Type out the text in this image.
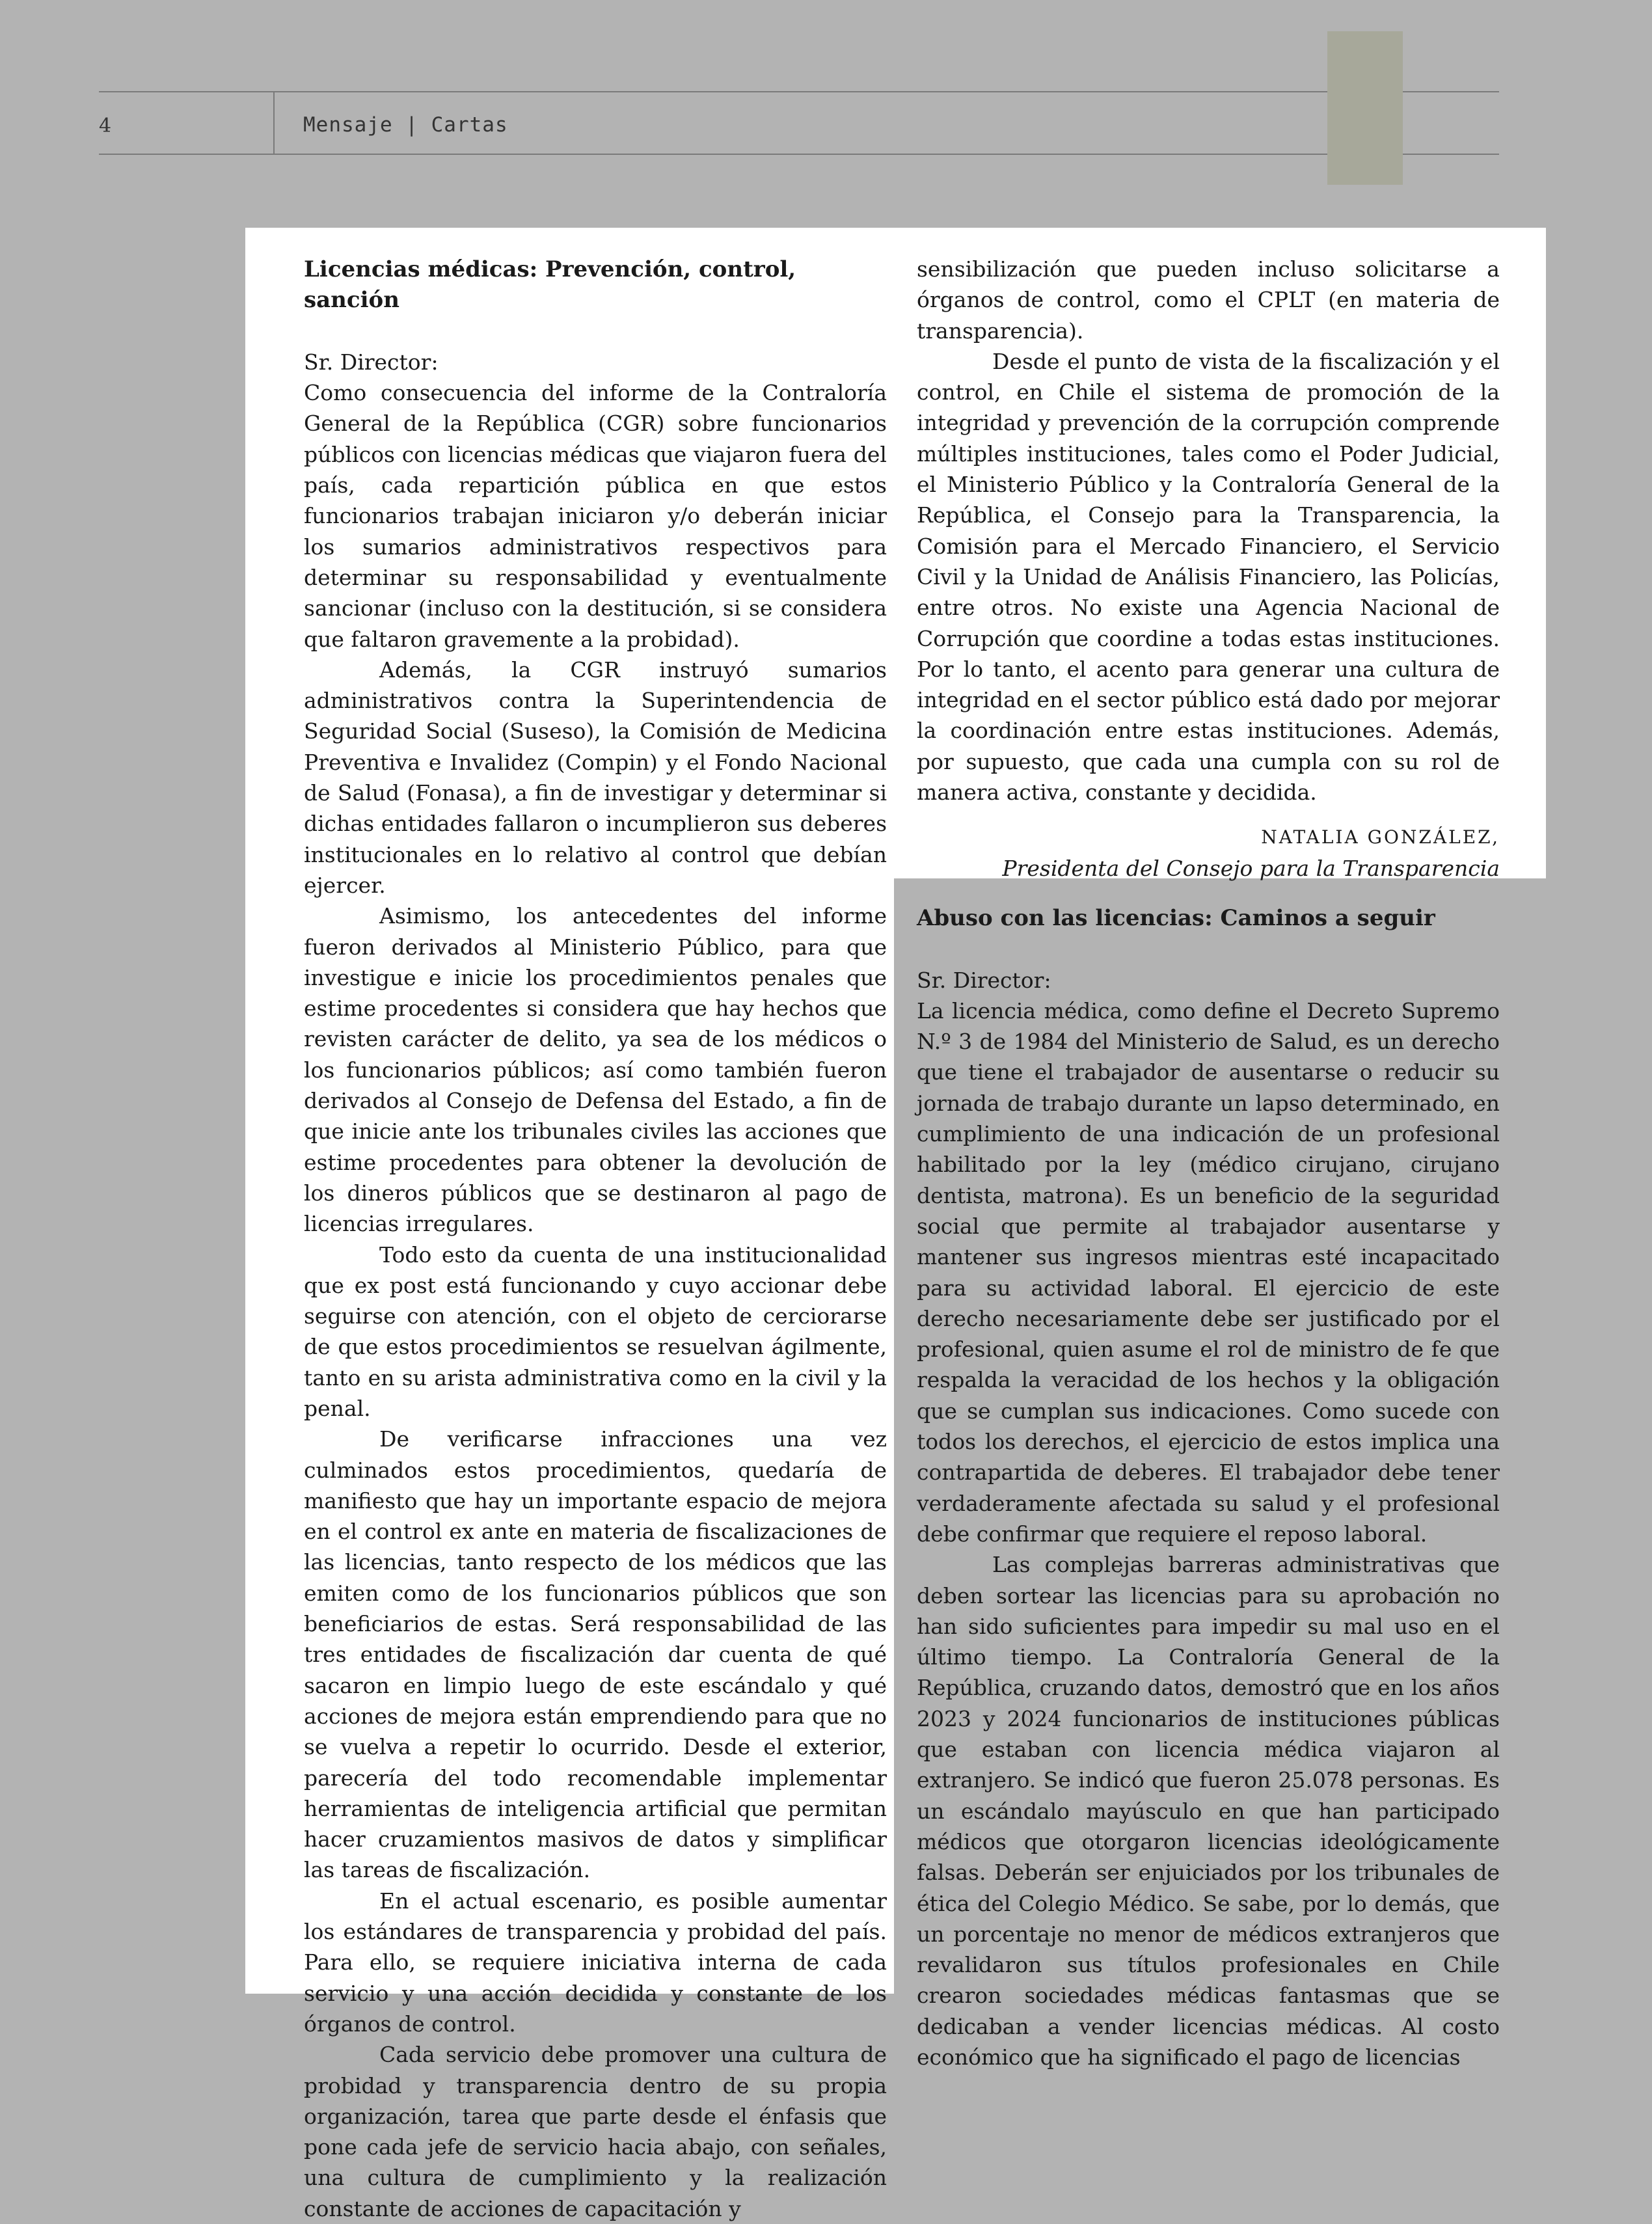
4	Mensaje | Cartas

Licencias médicas: Prevención, control, sanción

Sr. Director:

Como consecuencia del informe de la Contraloría General de la República (CGR) sobre funcionarios públicos con licencias médicas que viajaron fuera del país, cada repartición pública en que estos funcionarios trabajan iniciaron y/o deberán iniciar los sumarios administrativos respectivos para determinar su responsabilidad y eventualmente sancionar (incluso con la destitución, si se considera que faltaron gravemente a la probidad).

Además, la CGR instruyó sumarios administrativos contra la Superintendencia de Seguridad Social (Suseso), la Comisión de Medicina Preventiva e Invalidez (Compin) y el Fondo Nacional de Salud (Fonasa), a fin de investigar y determinar si dichas entidades fallaron o incumplieron sus deberes institucionales en lo relativo al control que debían ejercer.

Asimismo, los antecedentes del informe fueron derivados al Ministerio Público, para que investigue e inicie los procedimientos penales que estime procedentes si considera que hay hechos que revisten carácter de delito, ya sea de los médicos o los funcionarios públicos; así como también fueron derivados al Consejo de Defensa del Estado, a fin de que inicie ante los tribunales civiles las acciones que estime procedentes para obtener la devolución de los dineros públicos que se destinaron al pago de licencias irregulares.

Todo esto da cuenta de una institucionalidad que ex post está funcionando y cuyo accionar debe seguirse con atención, con el objeto de cerciorarse de que estos procedimientos se resuelvan ágilmente, tanto en su arista administrativa como en la civil y la penal.

De verificarse infracciones una vez culminados estos procedimientos, quedaría de manifiesto que hay un importante espacio de mejora en el control ex ante en materia de fiscalizaciones de las licencias, tanto respecto de los médicos que las emiten como de los funcionarios públicos que son beneficiarios de estas. Será responsabilidad de las tres entidades de fiscalización dar cuenta de qué sacaron en limpio luego de este escándalo y qué acciones de mejora están emprendiendo para que no se vuelva a repetir lo ocurrido. Desde el exterior, parecería del todo recomendable implementar herramientas de inteligencia artificial que permitan hacer cruzamientos masivos de datos y simplificar las tareas de fiscalización.

En el actual escenario, es posible aumentar los estándares de transparencia y probidad del país. Para ello, se requiere iniciativa interna de cada servicio y una acción decidida y constante de los órganos de control.

Cada servicio debe promover una cultura de probidad y transparencia dentro de su propia organización, tarea que parte desde el énfasis que pone cada jefe de servicio hacia abajo, con señales, una cultura de cumplimiento y la realización constante de acciones de capacitación y

sensibilización que pueden incluso solicitarse a órganos de control, como el CPLT (en materia de transparencia).

Desde el punto de vista de la fiscalización y el control, en Chile el sistema de promoción de la integridad y prevención de la corrupción comprende múltiples instituciones, tales como el Poder Judicial, el Ministerio Público y la Contraloría General de la República, el Consejo para la Transparencia, la Comisión para el Mercado Financiero, el Servicio Civil y la Unidad de Análisis Financiero, las Policías, entre otros. No existe una Agencia Nacional de Corrupción que coordine a todas estas instituciones. Por lo tanto, el acento para generar una cultura de integridad en el sector público está dado por mejorar la coordinación entre estas instituciones. Además, por supuesto, que cada una cumpla con su rol de manera activa, constante y decidida.

NATALIA GONZÁLEZ,

Presidenta del Consejo para la Transparencia

Abuso con las licencias: Caminos a seguir

Sr. Director:

La licencia médica, como define el Decreto Supremo N.º 3 de 1984 del Ministerio de Salud, es un derecho que tiene el trabajador de ausentarse o reducir su jornada de trabajo durante un lapso determinado, en cumplimiento de una indicación de un profesional habilitado por la ley (médico cirujano, cirujano dentista, matrona). Es un beneficio de la seguridad social que permite al trabajador ausentarse y mantener sus ingresos mientras esté incapacitado para su actividad laboral. El ejercicio de este derecho necesariamente debe ser justificado por el profesional, quien asume el rol de ministro de fe que respalda la veracidad de los hechos y la obligación que se cumplan sus indicaciones. Como sucede con todos los derechos, el ejercicio de estos implica una contrapartida de deberes. El trabajador debe tener verdaderamente afectada su salud y el profesional debe confirmar que requiere el reposo laboral.

Las complejas barreras administrativas que deben sortear las licencias para su aprobación no han sido suficientes para impedir su mal uso en el último tiempo. La Contraloría General de la República, cruzando datos, demostró que en los años 2023 y 2024 funcionarios de instituciones públicas que estaban con licencia médica viajaron al extranjero. Se indicó que fueron 25.078 personas. Es un escándalo mayúsculo en que han participado médicos que otorgaron licencias ideológicamente falsas. Deberán ser enjuiciados por los tribunales de ética del Colegio Médico. Se sabe, por lo demás, que un porcentaje no menor de médicos extranjeros que revalidaron sus títulos profesionales en Chile crearon sociedades médicas fantasmas que se dedicaban a vender licencias médicas. Al costo económico que ha significado el pago de licencias
